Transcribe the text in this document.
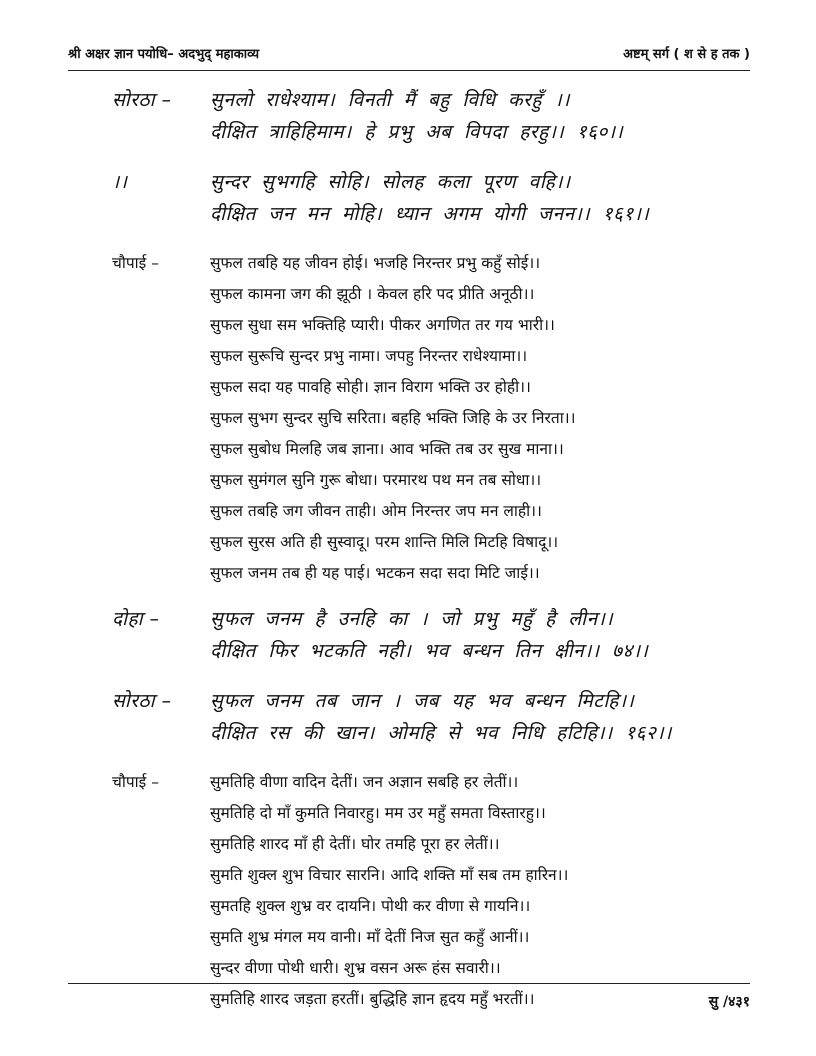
श्री अक्षर ज्ञान पयोधि– अदभुद् महाकाव्य	अष्टम् सर्ग ( श से ह तक )
सोरठा –	सुनलो राधेश्याम। विनती मैं बहु विधि करहुँ ।।
दीक्षित त्राहिहिमाम। हे प्रभु अब विपदा हरहु।। १६०।।
।।	सुन्दर सुभगहि सोहि। सोलह कला पूरण वहि।।
दीक्षित जन मन मोहि। ध्यान अगम योगी जनन।। १६१।।
चौपाई –	सुफल तबहि यह जीवन होई। भजहि निरन्तर प्रभु कहुँ सोई।।
सुफल कामना जग की झूठी । केवल हरि पद प्रीति अनूठी।।
सुफल सुधा सम भक्तिहि प्यारी। पीकर अगणित तर गय भारी।।
सुफल सुरूचि सुन्दर प्रभु नामा। जपहु निरन्तर राधेश्यामा।।
सुफल सदा यह पावहि सोही। ज्ञान विराग भक्ति उर होही।।
सुफल सुभग सुन्दर सुचि सरिता। बहहि भक्ति जिहि के उर निरता।।
सुफल सुबोध मिलहि जब ज्ञाना। आव भक्ति तब उर सुख माना।।
सुफल सुमंगल सुनि गुरू बोधा। परमारथ पथ मन तब सोधा।।
सुफल तबहि जग जीवन ताही। ओम निरन्तर जप मन लाही।।
सुफल सुरस अति ही सुस्वादू। परम शान्ति मिलि मिटहि विषादू।।
सुफल जनम तब ही यह पाई। भटकन सदा सदा मिटि जाई।।
दोहा –	सुफल जनम है उनहि का । जो प्रभु महुँ है लीन।।
दीक्षित फिर भटकति नही। भव बन्धन तिन क्षीन।। ७४।।
सोरठा –	सुफल जनम तब जान । जब यह भव बन्धन मिटहि।।
दीक्षित रस की खान। ओमहि से भव निधि हटिहि।। १६२।।
चौपाई –	सुमतिहि वीणा वादिन देतीं। जन अज्ञान सबहि हर लेतीं।।
सुमतिहि दो माँ कुमति निवारहु। मम उर महुँ समता विस्तारहु।।
सुमतिहि शारद माँ ही देतीं। घोर तमहि पूरा हर लेतीं।।
सुमति शुक्ल शुभ विचार सारनि। आदि शक्ति माँ सब तम हारिन।।
सुमतहि शुक्ल शुभ्र वर दायनि। पोथी कर वीणा से गायनि।।
सुमति शुभ्र मंगल मय वानी। माँ देतीं निज सुत कहुँ आनीं।।
सुन्दर वीणा पोथी धारी। शुभ्र वसन अरू हंस सवारी।।
सुमतिहि शारद जड़ता हरतीं। बुद्धिहि ज्ञान हृदय महुँ भरतीं।।	सु /४३१
